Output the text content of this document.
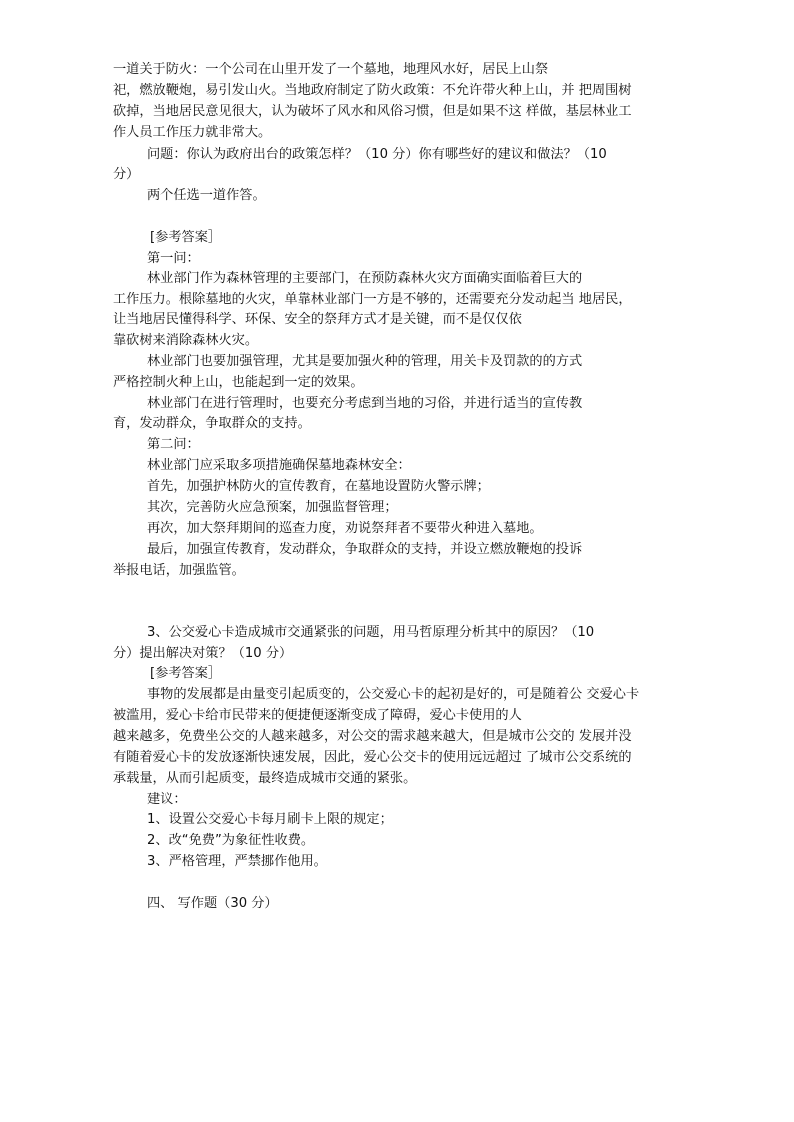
一道关于防火：一个公司在山里开发了一个墓地，地理风水好，居民上山祭
祀，燃放鞭炮，易引发山火。当地政府制定了防火政策：不允许带火种上山，并 把周围树
砍掉，当地居民意见很大，认为破坏了风水和风俗习惯，但是如果不这 样做，基层林业工
作人员工作压力就非常大。
问题：你认为政府出台的政策怎样？（10 分）你有哪些好的建议和做法？（10
分）
两个任选一道作答。
[参考答案］
第一问：
林业部门作为森林管理的主要部门，在预防森林火灾方面确实面临着巨大的
工作压力。根除墓地的火灾，单靠林业部门一方是不够的，还需要充分发动起当 地居民，
让当地居民懂得科学、环保、安全的祭拜方式才是关键，而不是仅仅依
靠砍树来消除森林火灾。
林业部门也要加强管理，尤其是要加强火种的管理，用关卡及罚款的的方式
严格控制火种上山，也能起到一定的效果。
林业部门在进行管理时，也要充分考虑到当地的习俗，并进行适当的宣传教
育，发动群众，争取群众的支持。
第二问：
林业部门应采取多项措施确保墓地森林安全：
首先，加强护林防火的宣传教育，在墓地设置防火警示牌；
其次，完善防火应急预案，加强监督管理；
再次，加大祭拜期间的巡查力度，劝说祭拜者不要带火种进入墓地。
最后，加强宣传教育，发动群众，争取群众的支持，并设立燃放鞭炮的投诉
举报电话，加强监管。
3、公交爱心卡造成城市交通紧张的问题，用马哲原理分析其中的原因？（10
分）提出解决对策？（10 分）
[参考答案］
事物的发展都是由量变引起质变的，公交爱心卡的起初是好的，可是随着公 交爱心卡
被滥用，爱心卡给市民带来的便捷便逐渐变成了障碍，爱心卡使用的人
越来越多，免费坐公交的人越来越多，对公交的需求越来越大，但是城市公交的 发展并没
有随着爱心卡的发放逐渐快速发展，因此，爱心公交卡的使用远远超过 了城市公交系统的
承载量，从而引起质变，最终造成城市交通的紧张。
建议：
1、设置公交爱心卡每月刷卡上限的规定；
2、改“免费”为象征性收费。
3、严格管理，严禁挪作他用。
四、 写作题（30 分）
